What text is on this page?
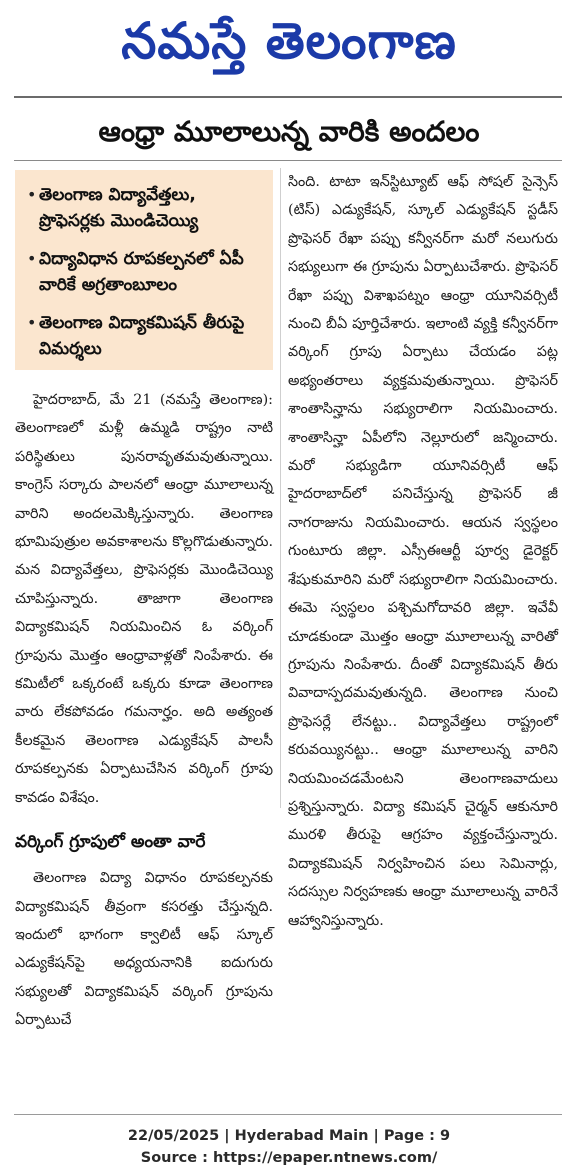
నమస్తే తెలంగాణ
ఆంధ్రా మూలాలున్న వారికి అందలం
• తెలంగాణ విద్యావేత్తలు, ప్రొఫెసర్లకు మొండిచెయ్యి
• విద్యావిధాన రూపకల్పనలో ఏపీ వారికే అగ్రతాంబూలం
• తెలంగాణ విద్యాకమిషన్ తీరుపై విమర్శలు

హైదరాబాద్, మే 21 (నమస్తే తెలంగాణ): తెలంగాణలో మళ్లీ ఉమ్మడి రాష్ట్రం నాటి పరిస్థితులు పునరావృతమవుతున్నాయి. కాంగ్రెస్ సర్కారు పాలనలో ఆంధ్రా మూలాలున్న వారిని అందలమెక్కిస్తున్నారు. తెలంగాణ భూమిపుత్రుల అవకాశాలను కొల్లగొడుతున్నారు. మన విద్యావేత్తలు, ప్రొఫెసర్లకు మొండిచెయ్యి చూపిస్తున్నారు. తాజాగా తెలంగాణ విద్యాకమిషన్ నియమించిన ఓ వర్కింగ్ గ్రూపును మొత్తం ఆంధ్రావాళ్లతో నింపేశారు. ఈ కమిటీలో ఒక్కరంటే ఒక్కరు కూడా తెలంగాణ వారు లేకపోవడం గమనార్హం. అది అత్యంత కీలకమైన తెలంగాణ ఎడ్యుకేషన్ పాలసీ రూపకల్పనకు ఏర్పాటుచేసిన వర్కింగ్ గ్రూపు కావడం విశేషం.

వర్కింగ్ గ్రూపులో అంతా వారే

తెలంగాణ విద్యా విధానం రూపకల్పనకు విద్యాకమిషన్ తీవ్రంగా కసరత్తు చేస్తున్నది. ఇందులో భాగంగా క్వాలిటీ ఆఫ్ స్కూల్ ఎడ్యుకేషన్‌పై అధ్యయనానికి ఐదుగురు సభ్యులతో విద్యాకమిషన్ వర్కింగ్ గ్రూపును ఏర్పాటుచే

సింది. టాటా ఇన్‌స్టిట్యూట్ ఆఫ్ సోషల్ సైన్సెస్ (టిస్) ఎడ్యుకేషన్, స్కూల్ ఎడ్యుకేషన్ స్టడీస్ ప్రొఫెసర్ రేఖా పప్పు కన్వీనర్‌గా మరో నలుగురు సభ్యులుగా ఈ గ్రూపును ఏర్పాటుచేశారు. ప్రొఫెసర్ రేఖా పప్పు విశాఖపట్నం ఆంధ్రా యూనివర్సిటీ నుంచి బీఏ పూర్తిచేశారు. ఇలాంటి వ్యక్తి కన్వీనర్‌గా వర్కింగ్ గ్రూపు ఏర్పాటు చేయడం పట్ల అభ్యంతరాలు వ్యక్తమవుతున్నాయి. ప్రొఫెసర్ శాంతాసిన్హాను సభ్యురాలిగా నియమించారు. శాంతాసిన్హా ఏపీలోని నెల్లూరులో జన్మించారు. మరో సభ్యుడిగా యూనివర్సిటీ ఆఫ్ హైదరాబాద్‌లో పనిచేస్తున్న ప్రొఫెసర్ జీ నాగరాజును నియమించారు. ఆయన స్వస్థలం గుంటూరు జిల్లా. ఎస్సీఈఆర్టీ పూర్వ డైరెక్టర్ శేషుకుమారిని మరో సభ్యురాలిగా నియమించారు. ఈమె స్వస్థలం పశ్చిమగోదావరి జిల్లా. ఇవేవీ చూడకుండా మొత్తం ఆంధ్రా మూలాలున్న వారితో గ్రూపును నింపేశారు. దీంతో విద్యాకమిషన్ తీరు వివాదాస్పదమవుతున్నది. తెలంగాణ నుంచి ప్రొఫెసర్లే లేనట్టు.. విద్యావేత్తలు రాష్ట్రంలో కరువయ్యినట్టు.. ఆంధ్రా మూలాలున్న వారిని నియమించడమేంటని తెలంగాణవాదులు ప్రశ్నిస్తున్నారు. విద్యా కమిషన్ చైర్మన్ ఆకునూరి మురళి తీరుపై ఆగ్రహం వ్యక్తంచేస్తున్నారు. విద్యాకమిషన్ నిర్వహించిన పలు సెమినార్లు, సదస్సుల నిర్వహణకు ఆంధ్రా మూలాలున్న వారినే ఆహ్వానిస్తున్నారు.

22/05/2025 | Hyderabad Main | Page : 9
Source : https://epaper.ntnews.com/
